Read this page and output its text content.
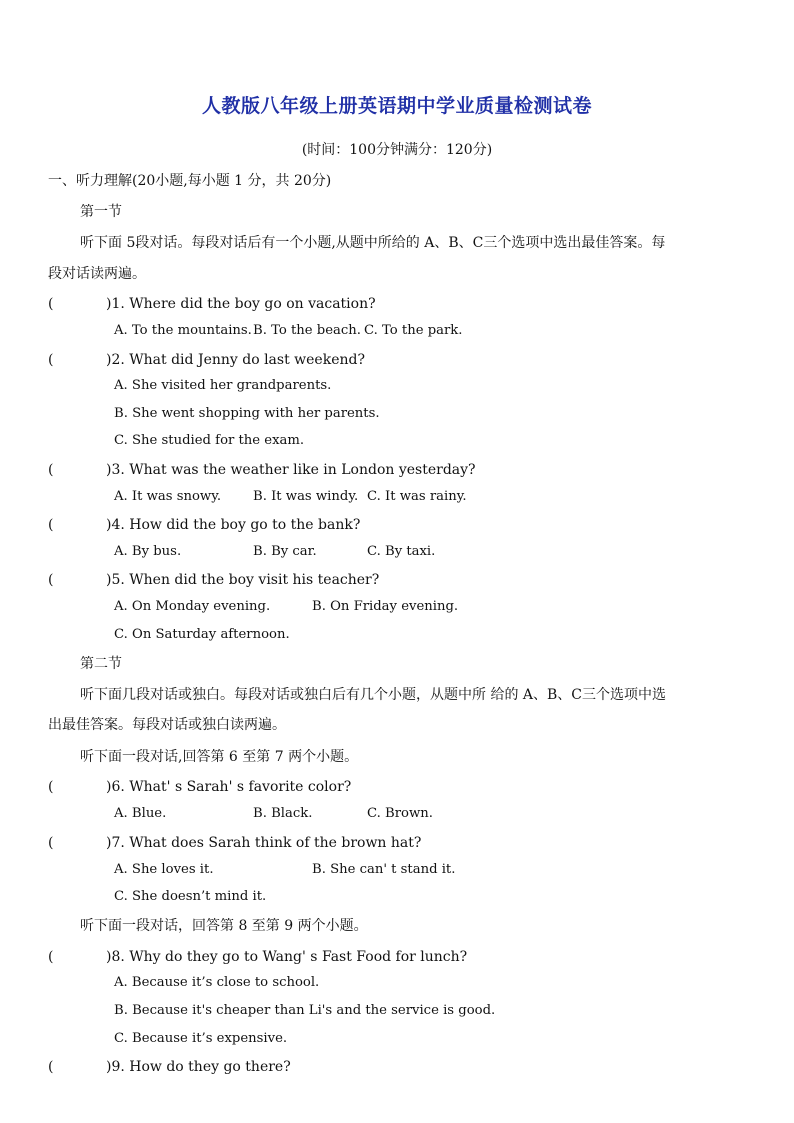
人教版八年级上册英语期中学业质量检测试卷
(时间：100分钟满分：120分)
一、听力理解(20小题,每小题 1 分，共 20分)
第一节
听下面 5段对话。每段对话后有一个小题,从题中所给的 A、B、C三个选项中选出最佳答案。每
段对话读两遍。
(	)1. Where did the boy go on vacation?
A. To the mountains. B. To the beach. C. To the park.
(	)2. What did Jenny do last weekend?
A. She visited her grandparents.
B. She went shopping with her parents.
C. She studied for the exam.
(	)3. What was the weather like in London yesterday?
A. It was snowy. B. It was windy. C. It was rainy.
(	)4. How did the boy go to the bank?
A. By bus.	B. By car.	C. By taxi.
(	)5. When did the boy visit his teacher?
A. On Monday evening.	B. On Friday evening.
C. On Saturday afternoon.
第二节
听下面几段对话或独白。每段对话或独白后有几个小题，从题中所 给的 A、B、C三个选项中选
出最佳答案。每段对话或独白读两遍。
听下面一段对话,回答第 6 至第 7 两个小题。
(	)6. What' s Sarah' s favorite color?
A. Blue.	B. Black.	C. Brown.
(	)7. What does Sarah think of the brown hat?
A. She loves it.	B. She can' t stand it.
C. She doesn’t mind it.
听下面一段对话，回答第 8 至第 9 两个小题。
(	)8. Why do they go to Wang' s Fast Food for lunch?
A. Because it’s close to school.
B. Because it's cheaper than Li's and the service is good.
C. Because it’s expensive.
(	)9. How do they go there?
